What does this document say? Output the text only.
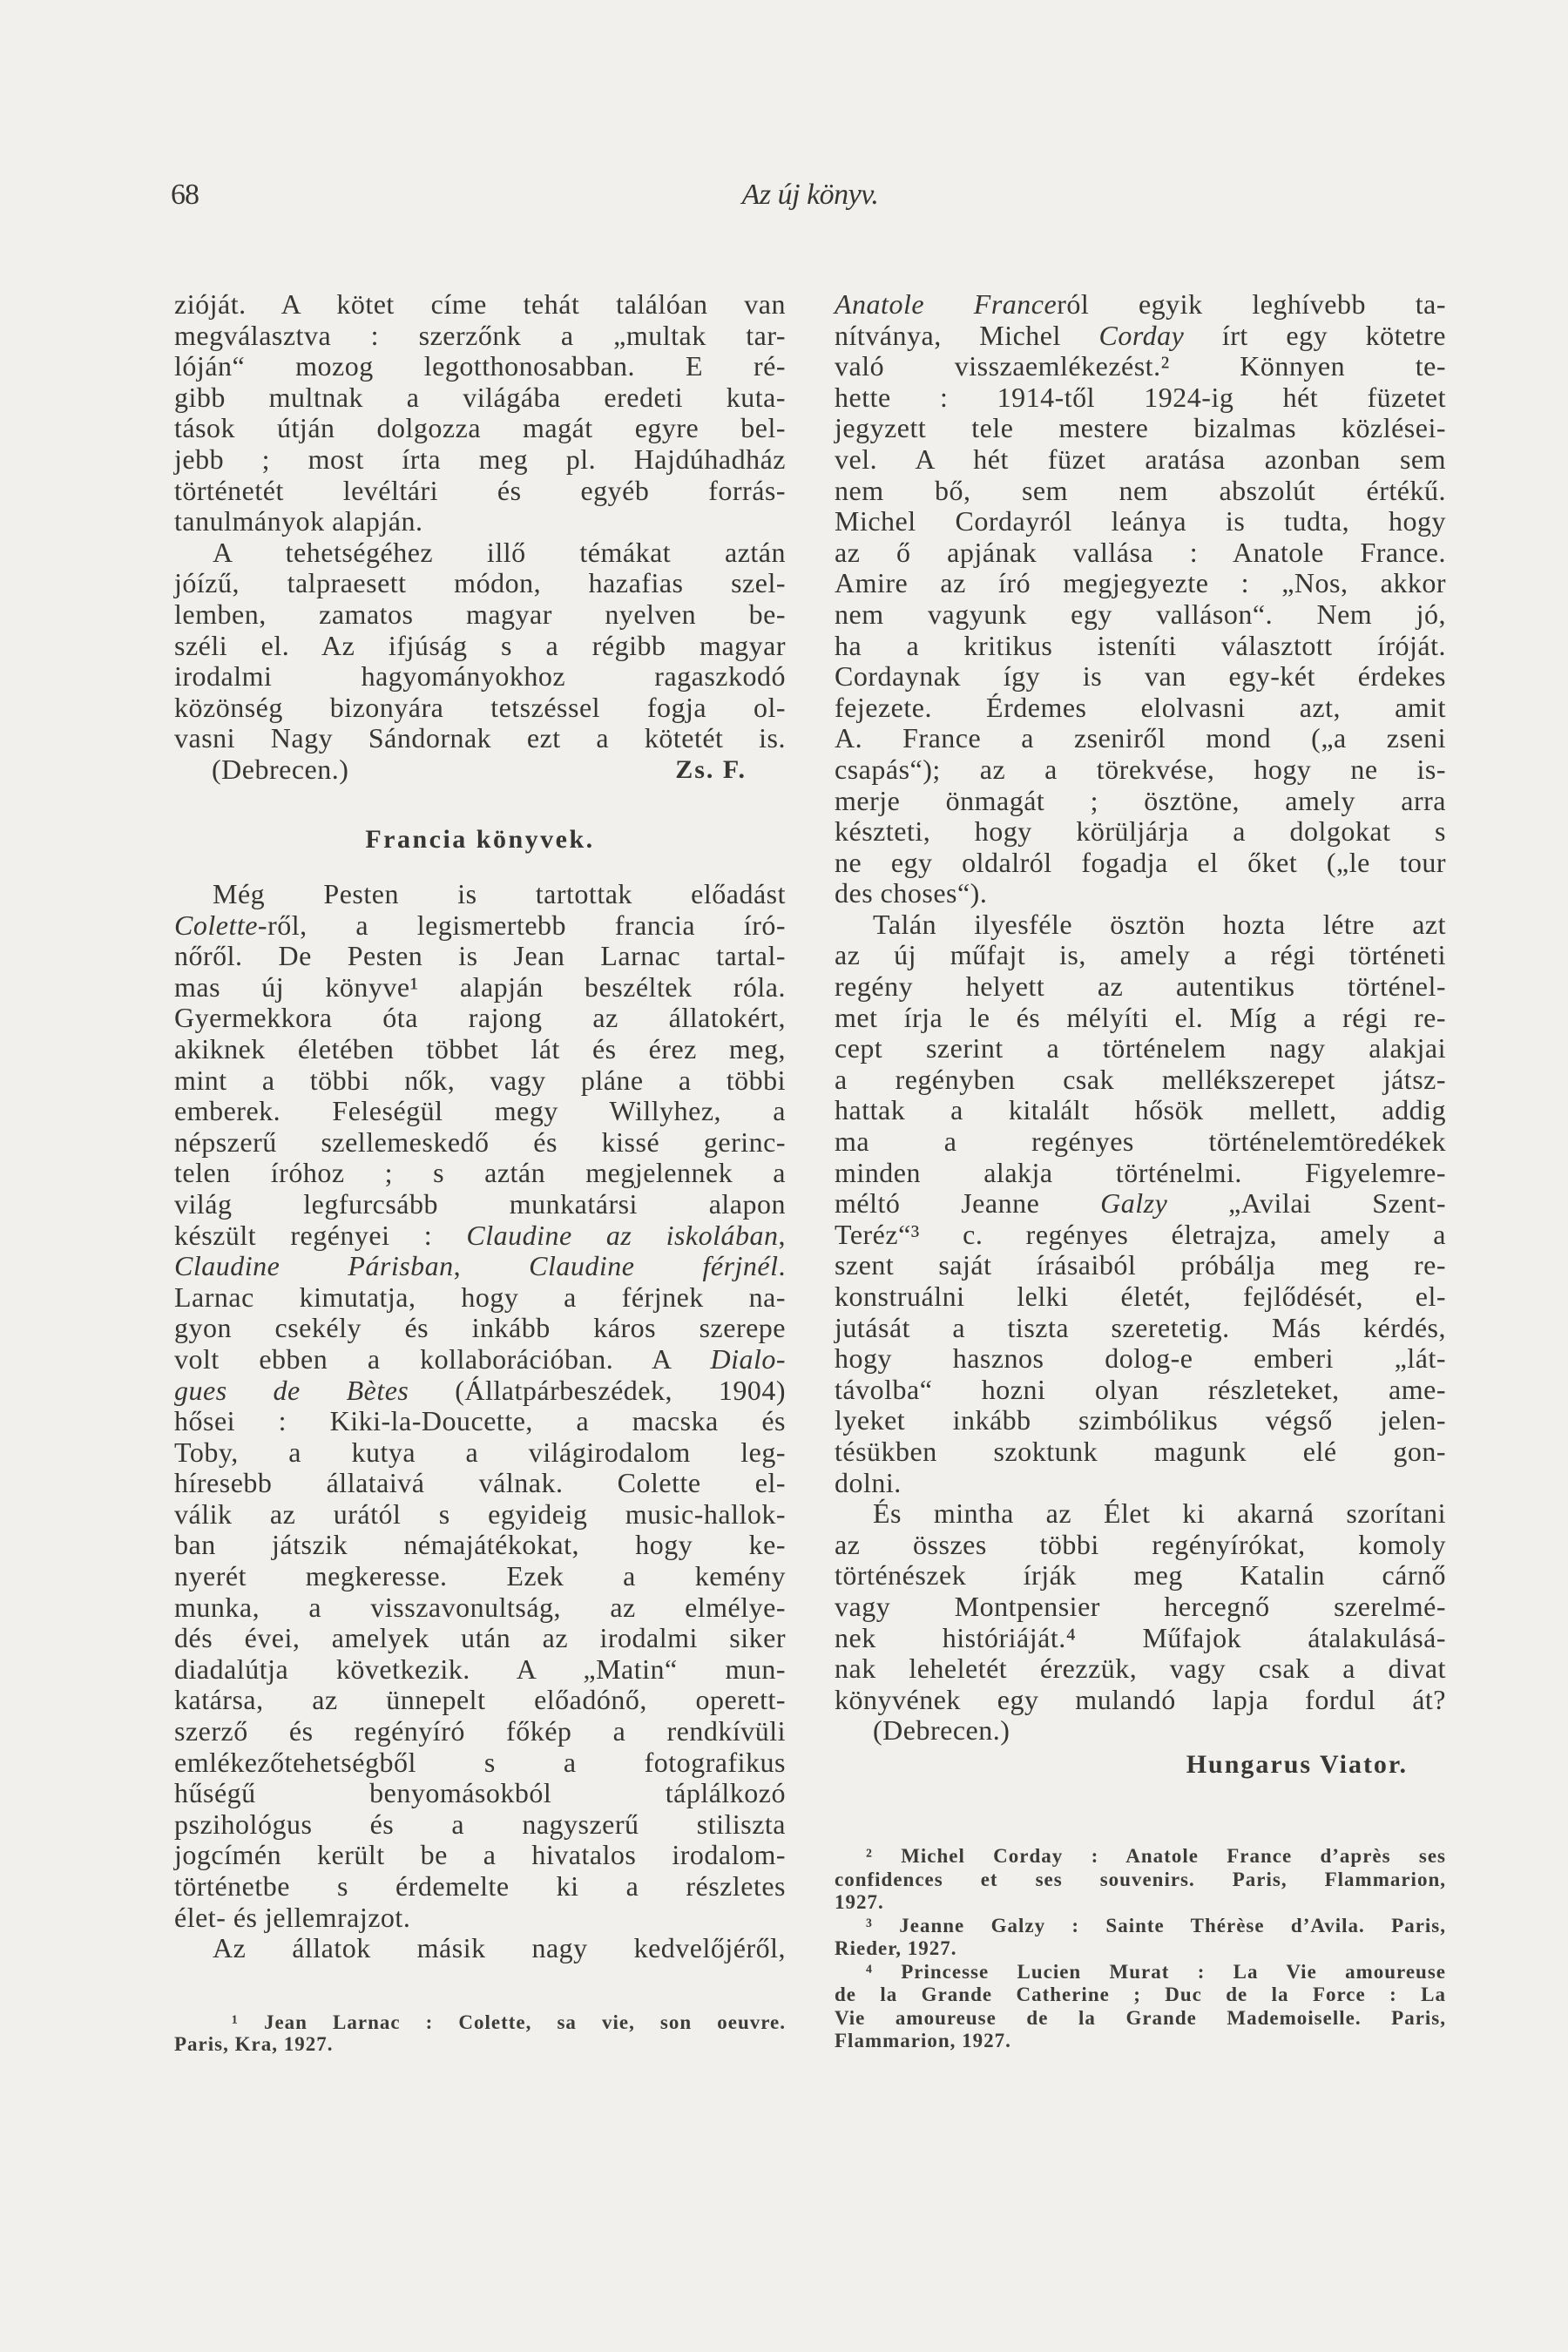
68	Az új könyv.
zióját. A kötet címe tehát találóan van
megválasztva : szerzőnk a „multak tar-
lóján“ mozog legotthonosabban. E ré-
gibb multnak a világába eredeti kuta-
tások útján dolgozza magát egyre bel-
jebb ; most írta meg pl. Hajdúhadház
történetét levéltári és egyéb forrás-
tanulmányok alapján.
A tehetségéhez illő témákat aztán
jóízű, talpraesett módon, hazafias szel-
lemben, zamatos magyar nyelven be-
széli el. Az ifjúság s a régibb magyar
irodalmi hagyományokhoz ragaszkodó
közönség bizonyára tetszéssel fogja ol-
vasni Nagy Sándornak ezt a kötetét is.
(Debrecen.)	Zs. F.
Francia könyvek.
Még Pesten is tartottak előadást
Colette-ről, a legismertebb francia író-
nőről. De Pesten is Jean Larnac tartal-
mas új könyve¹ alapján beszéltek róla.
Gyermekkora óta rajong az állatokért,
akiknek életében többet lát és érez meg,
mint a többi nők, vagy pláne a többi
emberek. Feleségül megy Willyhez, a
népszerű szellemeskedő és kissé gerinc-
telen íróhoz ; s aztán megjelennek a
világ legfurcsább munkatársi alapon
készült regényei : Claudine az iskolában,
Claudine Párisban, Claudine férjnél.
Larnac kimutatja, hogy a férjnek na-
gyon csekély és inkább káros szerepe
volt ebben a kollaborációban. A Dialo-
gues de Bètes (Állatpárbeszédek, 1904)
hősei : Kiki-la-Doucette, a macska és
Toby, a kutya a világirodalom leg-
híresebb állataivá válnak. Colette el-
válik az urától s egyideig music-hallok-
ban játszik némajátékokat, hogy ke-
nyerét megkeresse. Ezek a kemény
munka, a visszavonultság, az elmélye-
dés évei, amelyek után az irodalmi siker
diadalútja következik. A „Matin“ mun-
katársa, az ünnepelt előadónő, operett-
szerző és regényíró főkép a rendkívüli
emlékezőtehetségből s a fotografikus
hűségű benyomásokból táplálkozó
pszihológus és a nagyszerű stiliszta
jogcímén került be a hivatalos irodalom-
történetbe s érdemelte ki a részletes
élet- és jellemrajzot.
Az állatok másik nagy kedvelőjéről,
¹ Jean Larnac : Colette, sa vie, son oeuvre.
Paris, Kra, 1927.
Anatole Franceról egyik leghívebb ta-
nítványa, Michel Corday írt egy kötetre
való visszaemlékezést.² Könnyen te-
hette : 1914-től 1924-ig hét füzetet
jegyzett tele mestere bizalmas közlései-
vel. A hét füzet aratása azonban sem
nem bő, sem nem abszolút értékű.
Michel Cordayról leánya is tudta, hogy
az ő apjának vallása : Anatole France.
Amire az író megjegyezte : „Nos, akkor
nem vagyunk egy valláson“. Nem jó,
ha a kritikus isteníti választott íróját.
Cordaynak így is van egy-két érdekes
fejezete. Érdemes elolvasni azt, amit
A. France a zseniről mond („a zseni
csapás“); az a törekvése, hogy ne is-
merje önmagát ; ösztöne, amely arra
készteti, hogy körüljárja a dolgokat s
ne egy oldalról fogadja el őket („le tour
des choses“).
Talán ilyesféle ösztön hozta létre azt
az új műfajt is, amely a régi történeti
regény helyett az autentikus történel-
met írja le és mélyíti el. Míg a régi re-
cept szerint a történelem nagy alakjai
a regényben csak mellékszerepet játsz-
hattak a kitalált hősök mellett, addig
ma a regényes történelemtöredékek
minden alakja történelmi. Figyelemre-
méltó Jeanne Galzy „Avilai Szent-
Teréz“³ c. regényes életrajza, amely a
szent saját írásaiból próbálja meg re-
konstruálni lelki életét, fejlődését, el-
jutását a tiszta szeretetig. Más kérdés,
hogy hasznos dolog-e emberi „lát-
távolba“ hozni olyan részleteket, ame-
lyeket inkább szimbólikus végső jelen-
tésükben szoktunk magunk elé gon-
dolni.
És mintha az Élet ki akarná szorítani
az összes többi regényírókat, komoly
történészek írják meg Katalin cárnő
vagy Montpensier hercegnő szerelmé-
nek históriáját.⁴ Műfajok átalakulásá-
nak leheletét érezzük, vagy csak a divat
könyvének egy mulandó lapja fordul át?
(Debrecen.)
Hungarus Viator.
² Michel Corday : Anatole France d’après ses
confidences et ses souvenirs. Paris, Flammarion,
1927.
³ Jeanne Galzy : Sainte Thérèse d’Avila. Paris,
Rieder, 1927.
⁴ Princesse Lucien Murat : La Vie amoureuse
de la Grande Catherine ; Duc de la Force : La
Vie amoureuse de la Grande Mademoiselle. Paris,
Flammarion, 1927.
